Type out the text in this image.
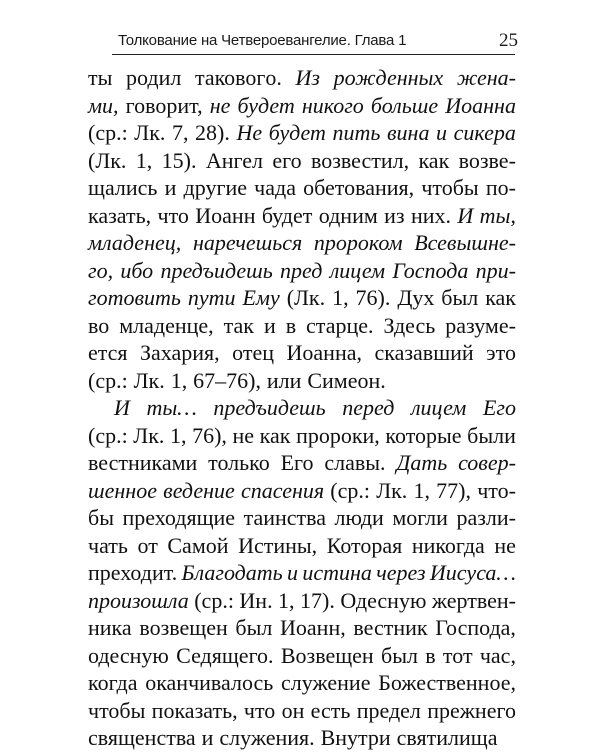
Толкование на Четвероевангелие. Глава 1	25
ты родил таковогo. Из рожденных жена-
ми, говорит, не будет никого больше Иоанна
(ср.: Лк. 7, 28). Не будет пить вина и сикера
(Лк. 1, 15). Ангел его возвестил, как возве-
щались и другие чада обетования, чтобы по-
казать, что Иоанн будет одним из них. И ты,
младенец, наречешься пророком Всевышне-
го, ибо предъидешь пред лицем Господа при-
готовить пути Ему (Лк. 1, 76). Дух был как
во младенце, так и в старце. Здесь разуме-
ется Захария, отец Иоанна, сказавший это
(ср.: Лк. 1, 67–76), или Симеон.
И ты… предъидешь перед лицем Его
(ср.: Лк. 1, 76), не как пророки, которые были
вестниками только Его славы. Дать совер-
шенное ведение спасения (ср.: Лк. 1, 77), что-
бы преходящие таинства люди могли разли-
чать от Самой Истины, Которая никогда не
преходит. Благодать и истина через Иисуса…
произошла (ср.: Ин. 1, 17). Одесную жертвен-
ника возвещен был Иоанн, вестник Господа,
одесную Седящего. Возвещен был в тот час,
когда оканчивалось служение Божественное,
чтобы показать, что он есть предел прежнего
священства и служения. Внутри святилища
